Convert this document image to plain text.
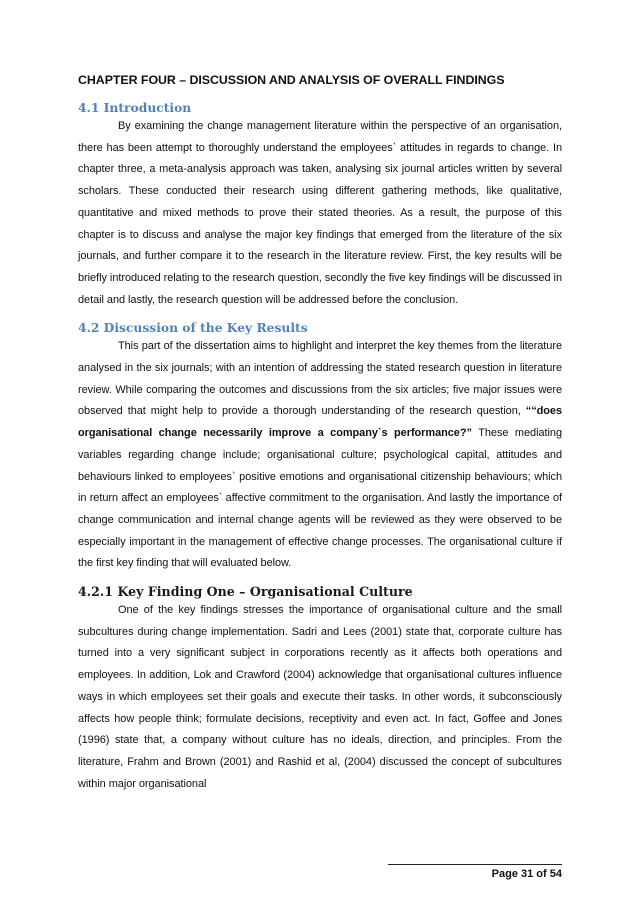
CHAPTER FOUR – DISCUSSION AND ANALYSIS OF OVERALL FINDINGS
4.1 Introduction

By examining the change management literature within the perspective of an organisation, there has been attempt to thoroughly understand the employees` attitudes in regards to change. In chapter three, a meta-analysis approach was taken, analysing six journal articles written by several scholars. These conducted their research using different gathering methods, like qualitative, quantitative and mixed methods to prove their stated theories. As a result, the purpose of this chapter is to discuss and analyse the major key findings that emerged from the literature of the six journals, and further compare it to the research in the literature review. First, the key results will be briefly introduced relating to the research question, secondly the five key findings will be discussed in detail and lastly, the research question will be addressed before the conclusion.

4.2 Discussion of the Key Results

This part of the dissertation aims to highlight and interpret the key themes from the literature analysed in the six journals; with an intention of addressing the stated research question in literature review. While comparing the outcomes and discussions from the six articles; five major issues were observed that might help to provide a thorough understanding of the research question, ““does organisational change necessarily improve a company`s performance?” These mediating variables regarding change include; organisational culture; psychological capital, attitudes and behaviours linked to employees` positive emotions and organisational citizenship behaviours; which in return affect an employees` affective commitment to the organisation. And lastly the importance of change communication and internal change agents will be reviewed as they were observed to be especially important in the management of effective change processes. The organisational culture if the first key finding that will evaluated below.

4.2.1 Key Finding One – Organisational Culture

One of the key findings stresses the importance of organisational culture and the small subcultures during change implementation. Sadri and Lees (2001) state that, corporate culture has turned into a very significant subject in corporations recently as it affects both operations and employees. In addition, Lok and Crawford (2004) acknowledge that organisational cultures influence ways in which employees set their goals and execute their tasks. In other words, it subconsciously affects how people think; formulate decisions, receptivity and even act. In fact, Goffee and Jones (1996) state that, a company without culture has no ideals, direction, and principles. From the literature, Frahm and Brown (2001) and Rashid et al, (2004) discussed the concept of subcultures within major organisational

Page 31 of 54
